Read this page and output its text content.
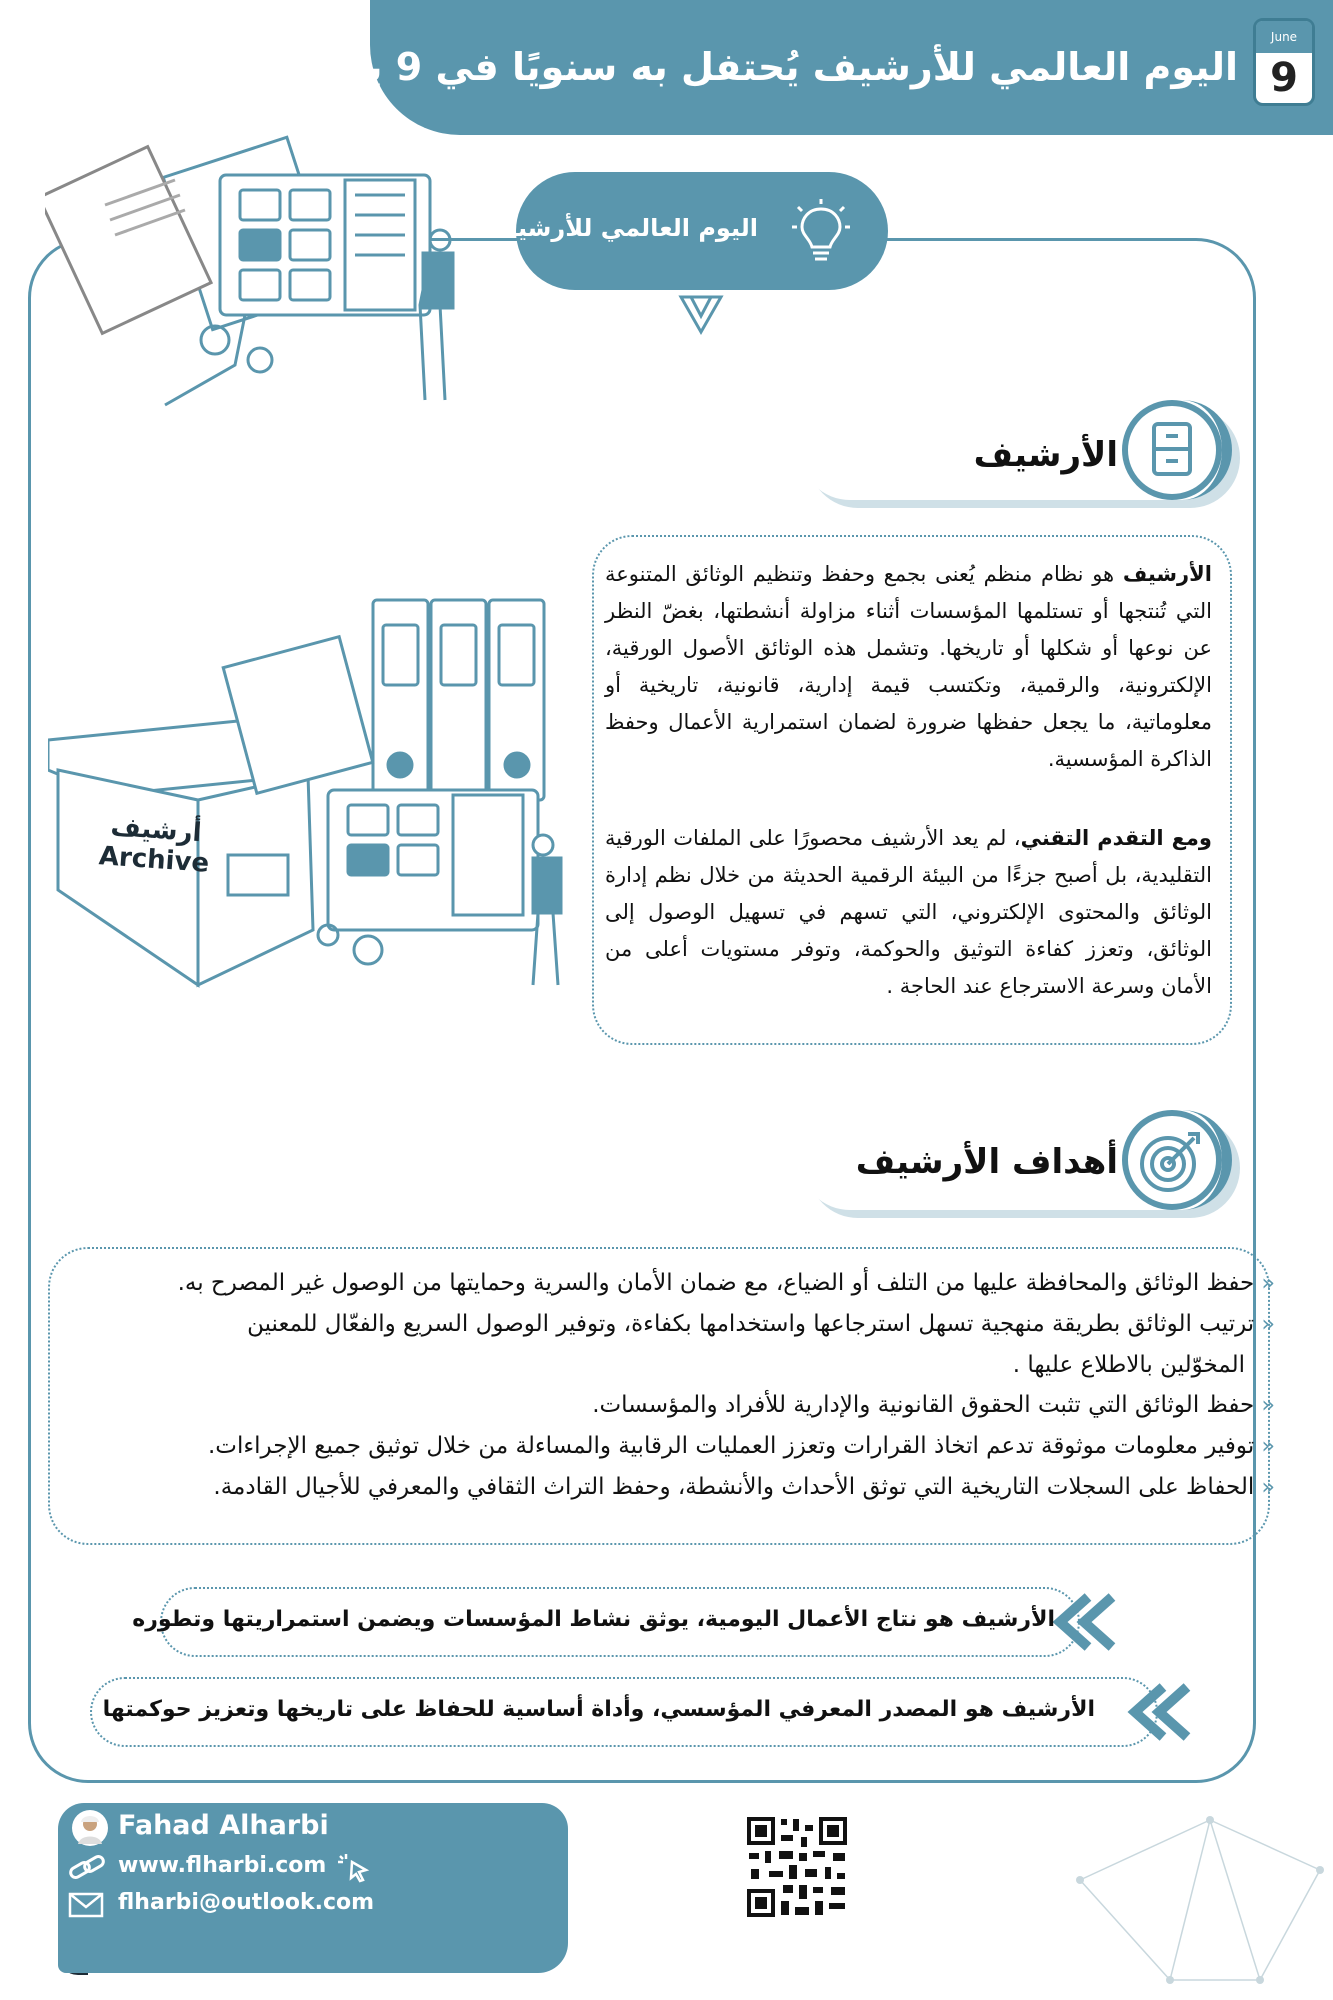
اليوم العالمي للأرشيف يُحتفل به سنويًا في 9 يونيو
June
9
اليوم العالمي للأرشيف
الأرشيف
الأرشيف هو نظام منظم يُعنى بجمع وحفظ وتنظيم الوثائق المتنوعة التي تُنتجها أو تستلمها المؤسسات أثناء مزاولة أنشطتها، بغضّ النظر عن نوعها أو شكلها أو تاريخها. وتشمل هذه الوثائق الأصول الورقية، الإلكترونية، والرقمية، وتكتسب قيمة إدارية، قانونية، تاريخية أو معلوماتية، ما يجعل حفظها ضرورة لضمان استمرارية الأعمال وحفظ الذاكرة المؤسسية.
ومع التقدم التقني، لم يعد الأرشيف محصورًا على الملفات الورقية التقليدية، بل أصبح جزءًا من البيئة الرقمية الحديثة من خلال نظم إدارة الوثائق والمحتوى الإلكتروني، التي تسهم في تسهيل الوصول إلى الوثائق، وتعزز كفاءة التوثيق والحوكمة، وتوفر مستويات أعلى من الأمان وسرعة الاسترجاع عند الحاجة .
أرشيف
Archive
أهداف الأرشيف
« حفظ الوثائق والمحافظة عليها من التلف أو الضياع، مع ضمان الأمان والسرية وحمايتها من الوصول غير المصرح به.
« ترتيب الوثائق بطريقة منهجية تسهل استرجاعها واستخدامها بكفاءة، وتوفير الوصول السريع والفعّال للمعنين
المخوّلين بالاطلاع عليها .
« حفظ الوثائق التي تثبت الحقوق القانونية والإدارية للأفراد والمؤسسات.
« توفير معلومات موثوقة تدعم اتخاذ القرارات وتعزز العمليات الرقابية والمساءلة من خلال توثيق جميع الإجراءات.
« الحفاظ على السجلات التاريخية التي توثق الأحداث والأنشطة، وحفظ التراث الثقافي والمعرفي للأجيال القادمة.
الأرشيف هو نتاج الأعمال اليومية، يوثق نشاط المؤسسات ويضمن استمراريتها وتطوره
الأرشيف هو المصدر المعرفي المؤسسي، وأداة أساسية للحفاظ على تاريخها وتعزيز حوكمتها
Fahad Alharbi
www.flharbi.com
flharbi@outlook.com
